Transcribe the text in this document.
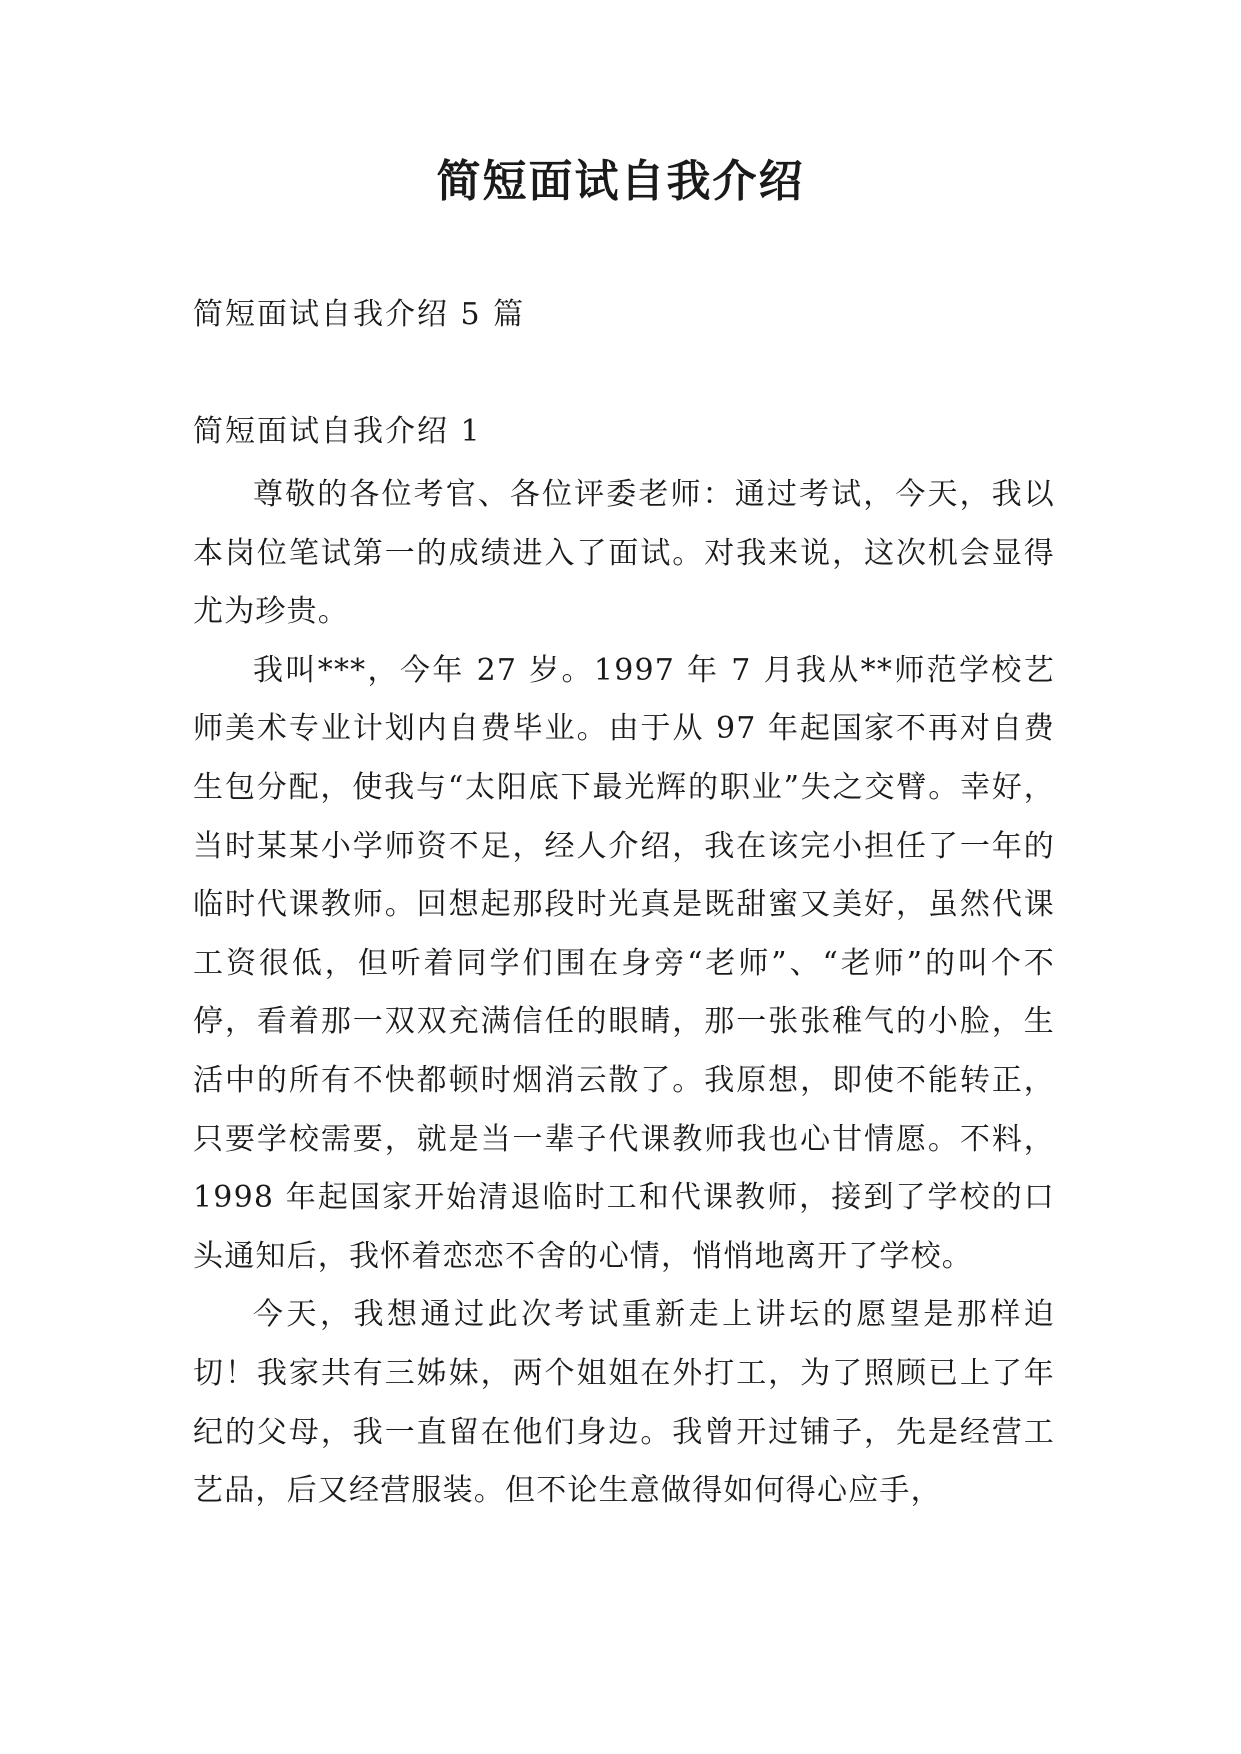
简短面试自我介绍

简短面试自我介绍 5 篇

简短面试自我介绍 1

尊敬的各位考官、各位评委老师：通过考试，今天，我以本岗位笔试第一的成绩进入了面试。对我来说，这次机会显得尤为珍贵。

我叫***，今年 27 岁。1997 年 7 月我从**师范学校艺师美术专业计划内自费毕业。由于从 97 年起国家不再对自费生包分配，使我与“太阳底下最光辉的职业”失之交臂。幸好，当时某某小学师资不足，经人介绍，我在该完小担任了一年的临时代课教师。回想起那段时光真是既甜蜜又美好，虽然代课工资很低，但听着同学们围在身旁“老师”、“老师”的叫个不停，看着那一双双充满信任的眼睛，那一张张稚气的小脸，生活中的所有不快都顿时烟消云散了。我原想，即使不能转正，只要学校需要，就是当一辈子代课教师我也心甘情愿。不料，1998 年起国家开始清退临时工和代课教师，接到了学校的口头通知后，我怀着恋恋不舍的心情，悄悄地离开了学校。

今天，我想通过此次考试重新走上讲坛的愿望是那样迫切！我家共有三姊妹，两个姐姐在外打工，为了照顾已上了年纪的父母，我一直留在他们身边。我曾开过铺子，先是经营工艺品，后又经营服装。但不论生意做得如何得心应手，
